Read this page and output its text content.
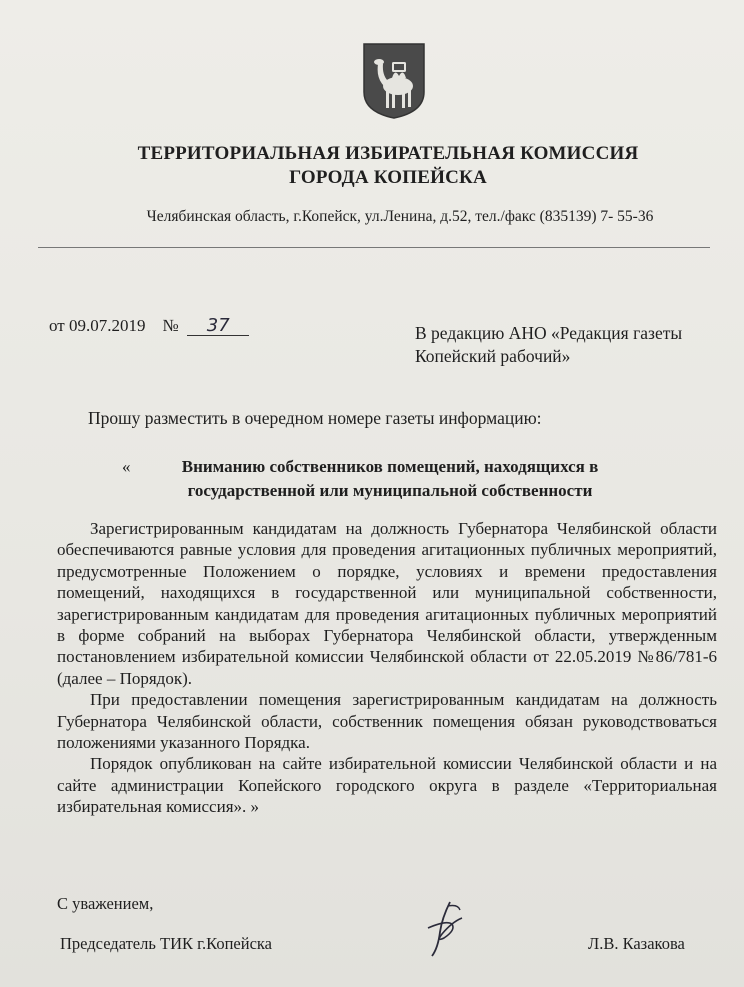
ТЕРРИТОРИАЛЬНАЯ ИЗБИРАТЕЛЬНАЯ КОМИССИЯ
ГОРОДА КОПЕЙСКА
Челябинская область, г.Копейск, ул.Ленина, д.52, тел./факс (835139) 7- 55-36
от 09.07.2019 № 37	В редакцию АНО «Редакция газеты
Копейский рабочий»
Прошу разместить в очередном номере газеты информацию:
«	Вниманию собственников помещений, находящихся в
государственной или муниципальной собственности

Зарегистрированным кандидатам на должность Губернатора Челябинской области обеспечиваются равные условия для проведения агитационных публичных мероприятий, предусмотренные Положением о порядке, условиях и времени предоставления помещений, находящихся в государственной или муниципальной собственности, зарегистрированным кандидатам для проведения агитационных публичных мероприятий в форме собраний на выборах Губернатора Челябинской области, утвержденным постановлением избирательной комиссии Челябинской области от 22.05.2019 №86/781-6 (далее – Порядок).

При предоставлении помещения зарегистрированным кандидатам на должность Губернатора Челябинской области, собственник помещения обязан руководствоваться положениями указанного Порядка.

Порядок опубликован на сайте избирательной комиссии Челябинской области и на сайте администрации Копейского городского округа в разделе «Территориальная избирательная комиссия». »

С уважением,
Председатель ТИК г.Копейска	Л.В. Казакова
